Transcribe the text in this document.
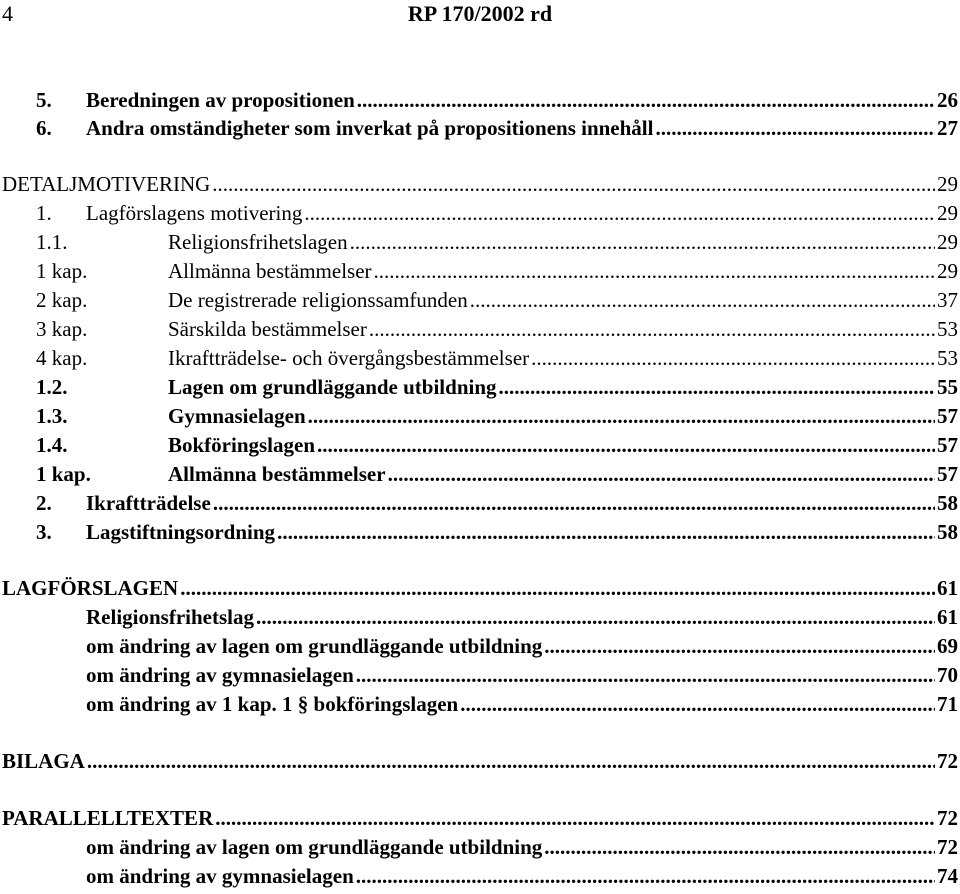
4	RP 170/2002 rd
5.	Beredningen av propositionen .....	26
6.	Andra omständigheter som inverkat på propositionens innehåll .....	27
DETALJMOTIVERING .....	29
1.	Lagförslagens motivering .....	29
1.1.	Religionsfrihetslagen .....	29
1 kap.	Allmänna bestämmelser .....	29
2 kap.	De registrerade religionssamfunden .....	37
3 kap.	Särskilda bestämmelser .....	53
4 kap.	Ikraftträdelse- och övergångsbestämmelser .....	53
1.2.	Lagen om grundläggande utbildning .....	55
1.3.	Gymnasielagen .....	57
1.4.	Bokföringslagen .....	57
1 kap.	Allmänna bestämmelser .....	57
2.	Ikraftträdelse .....	58
3.	Lagstiftningsordning .....	58
LAGFÖRSLAGEN .....	61
Religionsfrihetslag .....	61
om ändring av lagen om grundläggande utbildning .....	69
om ändring av gymnasielagen .....	70
om ändring av 1 kap. 1 § bokföringslagen .....	71
BILAGA .....	72
PARALLELLTEXTER .....	72
om ändring av lagen om grundläggande utbildning .....	72
om ändring av gymnasielagen .....	74
